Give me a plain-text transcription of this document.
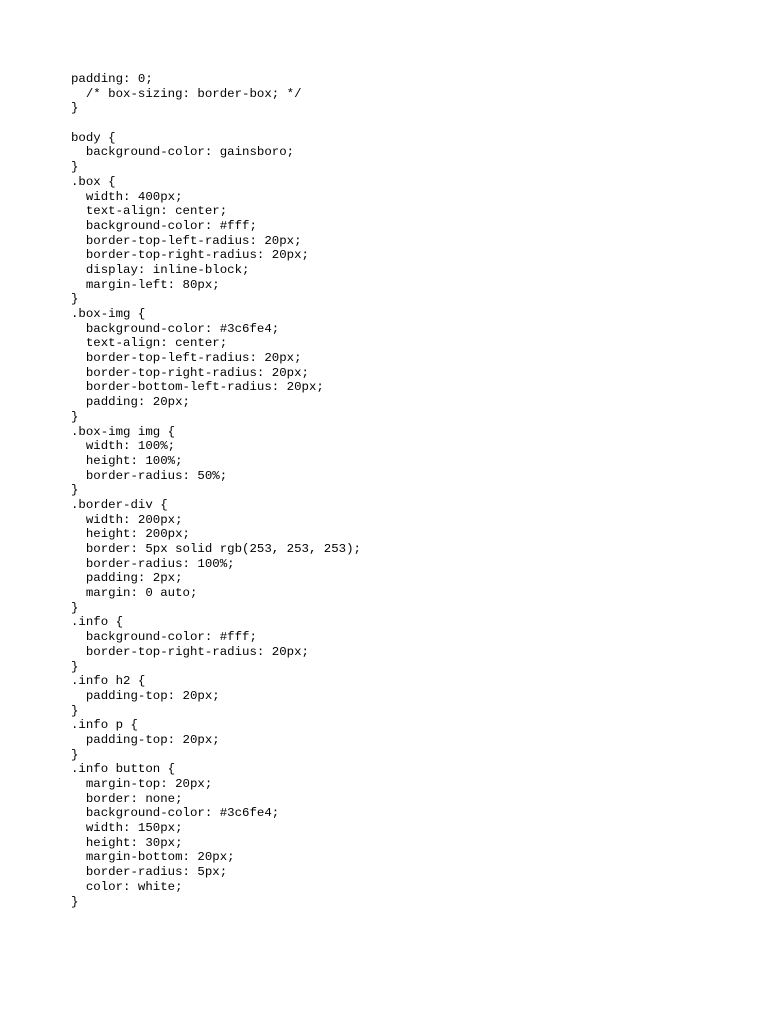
padding: 0;
/* box-sizing: border-box; */
}
body {
background-color: gainsboro;
}
.box {
width: 400px;
text-align: center;
background-color: #fff;
border-top-left-radius: 20px;
border-top-right-radius: 20px;
display: inline-block;
margin-left: 80px;
}
.box-img {
background-color: #3c6fe4;
text-align: center;
border-top-left-radius: 20px;
border-top-right-radius: 20px;
border-bottom-left-radius: 20px;
padding: 20px;
}
.box-img img {
width: 100%;
height: 100%;
border-radius: 50%;
}
.border-div {
width: 200px;
height: 200px;
border: 5px solid rgb(253, 253, 253);
border-radius: 100%;
padding: 2px;
margin: 0 auto;
}
.info {
background-color: #fff;
border-top-right-radius: 20px;
}
.info h2 {
padding-top: 20px;
}
.info p {
padding-top: 20px;
}
.info button {
margin-top: 20px;
border: none;
background-color: #3c6fe4;
width: 150px;
height: 30px;
margin-bottom: 20px;
border-radius: 5px;
color: white;
}
